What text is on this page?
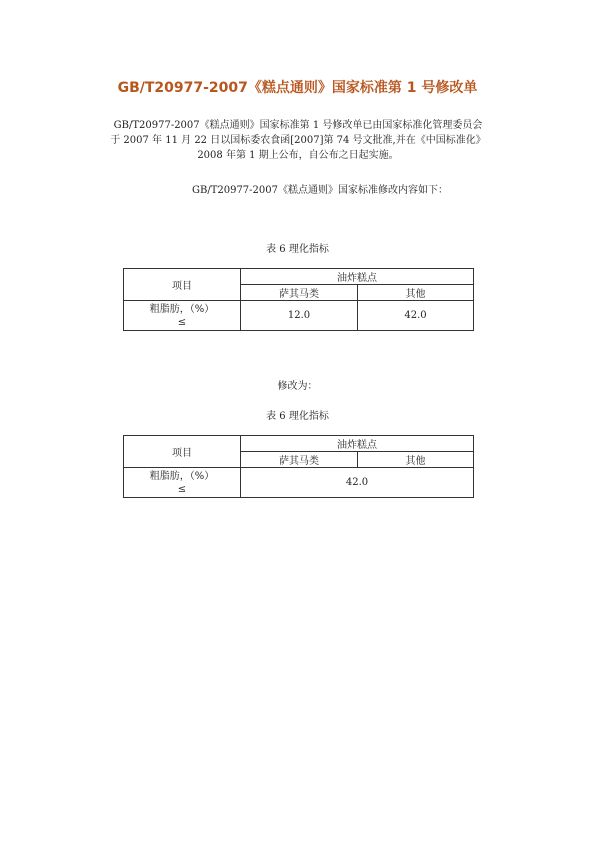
GB/T20977-2007《糕点通则》国家标准第 1 号修改单
GB/T20977-2007《糕点通则》国家标准第 1 号修改单已由国家标准化管理委员会
于 2007 年 11 月 22 日以国标委农食函[2007]第 74 号文批准,并在《中国标准化》
2008 年第 1 期上公布，自公布之日起实施。
GB/T20977-2007《糕点通则》国家标准修改内容如下：
表 6 理化指标
项目	油炸糕点	
	萨其马类	其他

粗脂肪，（%）
≤	12.0	42.0
修改为：
表 6 理化指标
项目	油炸糕点	
	萨其马类	其他

粗脂肪，（%）
≤	42.0	
